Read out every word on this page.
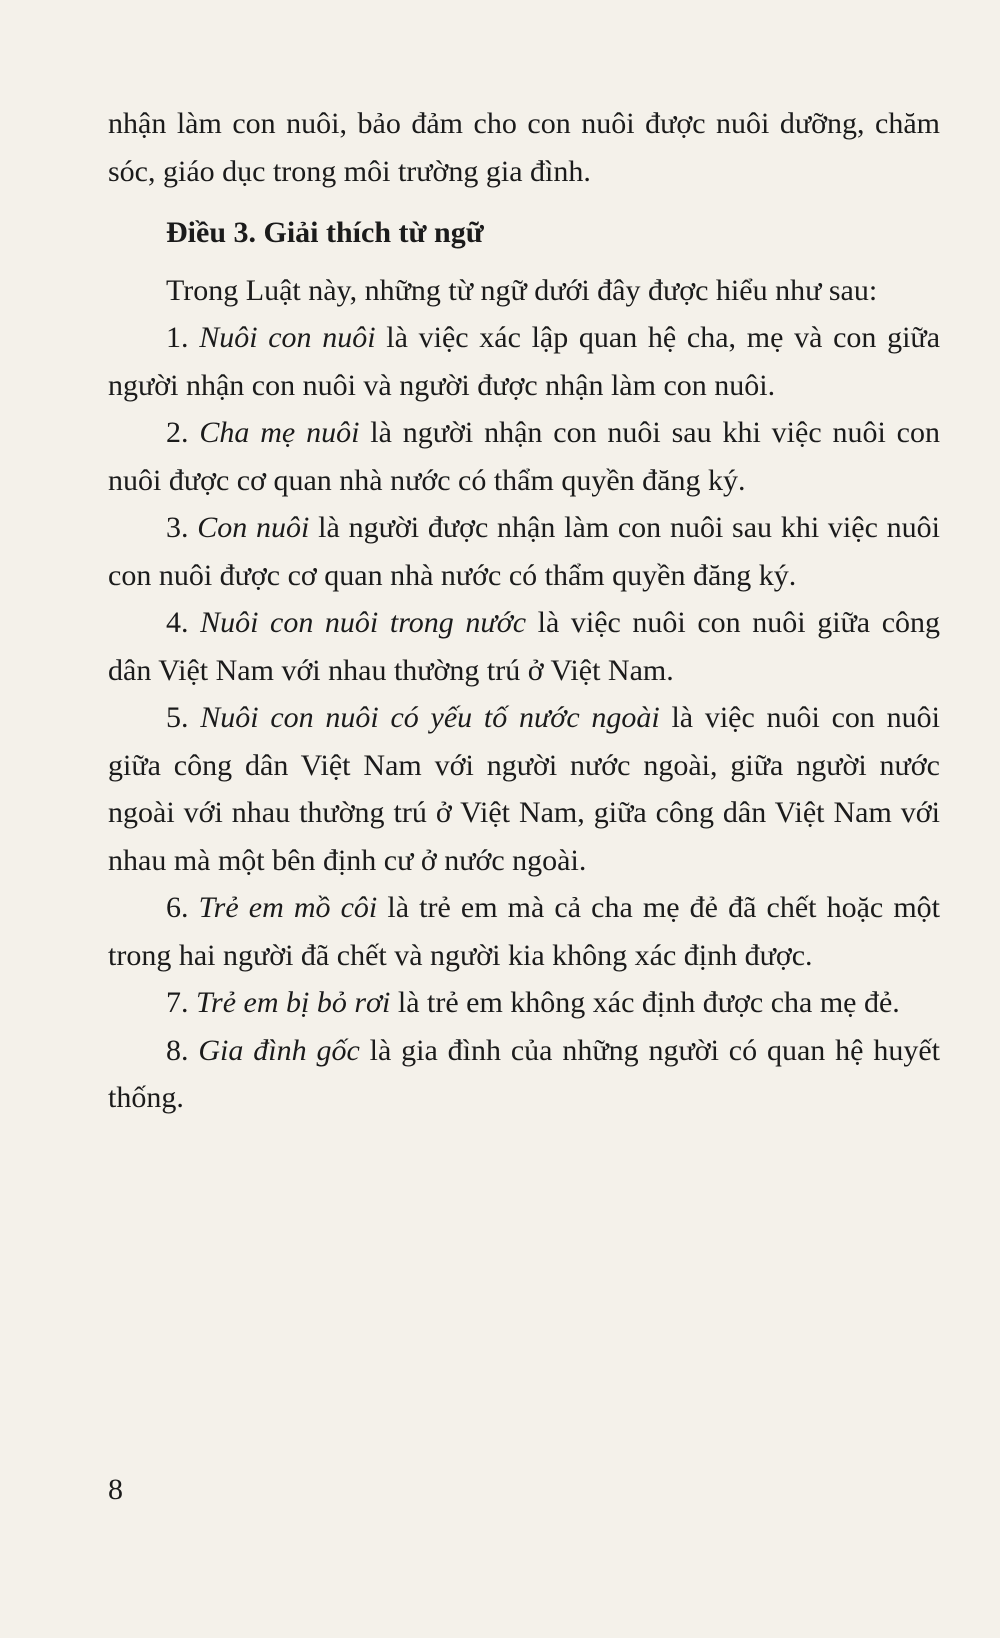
nhận làm con nuôi, bảo đảm cho con nuôi được nuôi dưỡng, chăm sóc, giáo dục trong môi trường gia đình.

Điều 3. Giải thích từ ngữ

Trong Luật này, những từ ngữ dưới đây được hiểu như sau:

1. Nuôi con nuôi là việc xác lập quan hệ cha, mẹ và con giữa người nhận con nuôi và người được nhận làm con nuôi.

2. Cha mẹ nuôi là người nhận con nuôi sau khi việc nuôi con nuôi được cơ quan nhà nước có thẩm quyền đăng ký.

3. Con nuôi là người được nhận làm con nuôi sau khi việc nuôi con nuôi được cơ quan nhà nước có thẩm quyền đăng ký.

4. Nuôi con nuôi trong nước là việc nuôi con nuôi giữa công dân Việt Nam với nhau thường trú ở Việt Nam.

5. Nuôi con nuôi có yếu tố nước ngoài là việc nuôi con nuôi giữa công dân Việt Nam với người nước ngoài, giữa người nước ngoài với nhau thường trú ở Việt Nam, giữa công dân Việt Nam với nhau mà một bên định cư ở nước ngoài.

6. Trẻ em mồ côi là trẻ em mà cả cha mẹ đẻ đã chết hoặc một trong hai người đã chết và người kia không xác định được.

7. Trẻ em bị bỏ rơi là trẻ em không xác định được cha mẹ đẻ.

8. Gia đình gốc là gia đình của những người có quan hệ huyết thống.

8
